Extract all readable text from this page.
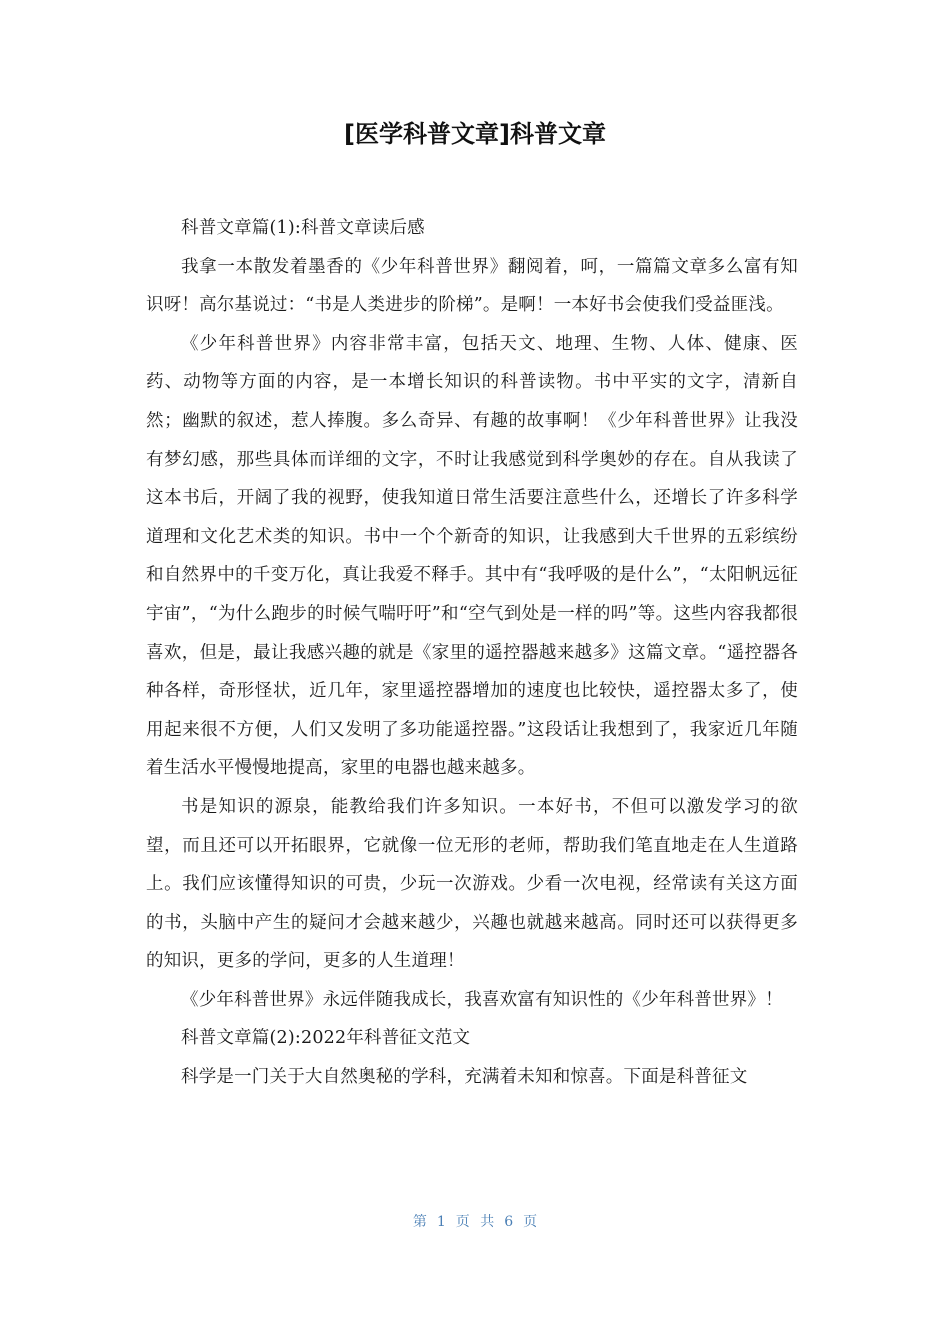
[医学科普文章]科普文章

科普文章篇(1):科普文章读后感

我拿一本散发着墨香的《少年科普世界》翻阅着，呵，一篇篇文章多么富有知识呀！高尔基说过：“书是人类进步的阶梯”。是啊！一本好书会使我们受益匪浅。

《少年科普世界》内容非常丰富，包括天文、地理、生物、人体、健康、医药、动物等方面的内容，是一本增长知识的科普读物。书中平实的文字，清新自然；幽默的叙述，惹人捧腹。多么奇异、有趣的故事啊！《少年科普世界》让我没有梦幻感，那些具体而详细的文字，不时让我感觉到科学奥妙的存在。自从我读了这本书后，开阔了我的视野，使我知道日常生活要注意些什么，还增长了许多科学道理和文化艺术类的知识。书中一个个新奇的知识，让我感到大千世界的五彩缤纷和自然界中的千变万化，真让我爱不释手。其中有“我呼吸的是什么”，“太阳帆远征宇宙”，“为什么跑步的时候气喘吁吁”和“空气到处是一样的吗”等。这些内容我都很喜欢，但是，最让我感兴趣的就是《家里的遥控器越来越多》这篇文章。“遥控器各种各样，奇形怪状，近几年，家里遥控器增加的速度也比较快，遥控器太多了，使用起来很不方便，人们又发明了多功能遥控器。”这段话让我想到了，我家近几年随着生活水平慢慢地提高，家里的电器也越来越多。

书是知识的源泉，能教给我们许多知识。一本好书，不但可以激发学习的欲望，而且还可以开拓眼界，它就像一位无形的老师，帮助我们笔直地走在人生道路上。我们应该懂得知识的可贵，少玩一次游戏。少看一次电视，经常读有关这方面的书，头脑中产生的疑问才会越来越少，兴趣也就越来越高。同时还可以获得更多的知识，更多的学问，更多的人生道理！

《少年科普世界》永远伴随我成长，我喜欢富有知识性的《少年科普世界》！

科普文章篇(2):2022年科普征文范文

科学是一门关于大自然奥秘的学科，充满着未知和惊喜。下面是科普征文

第 1 页 共 6 页
